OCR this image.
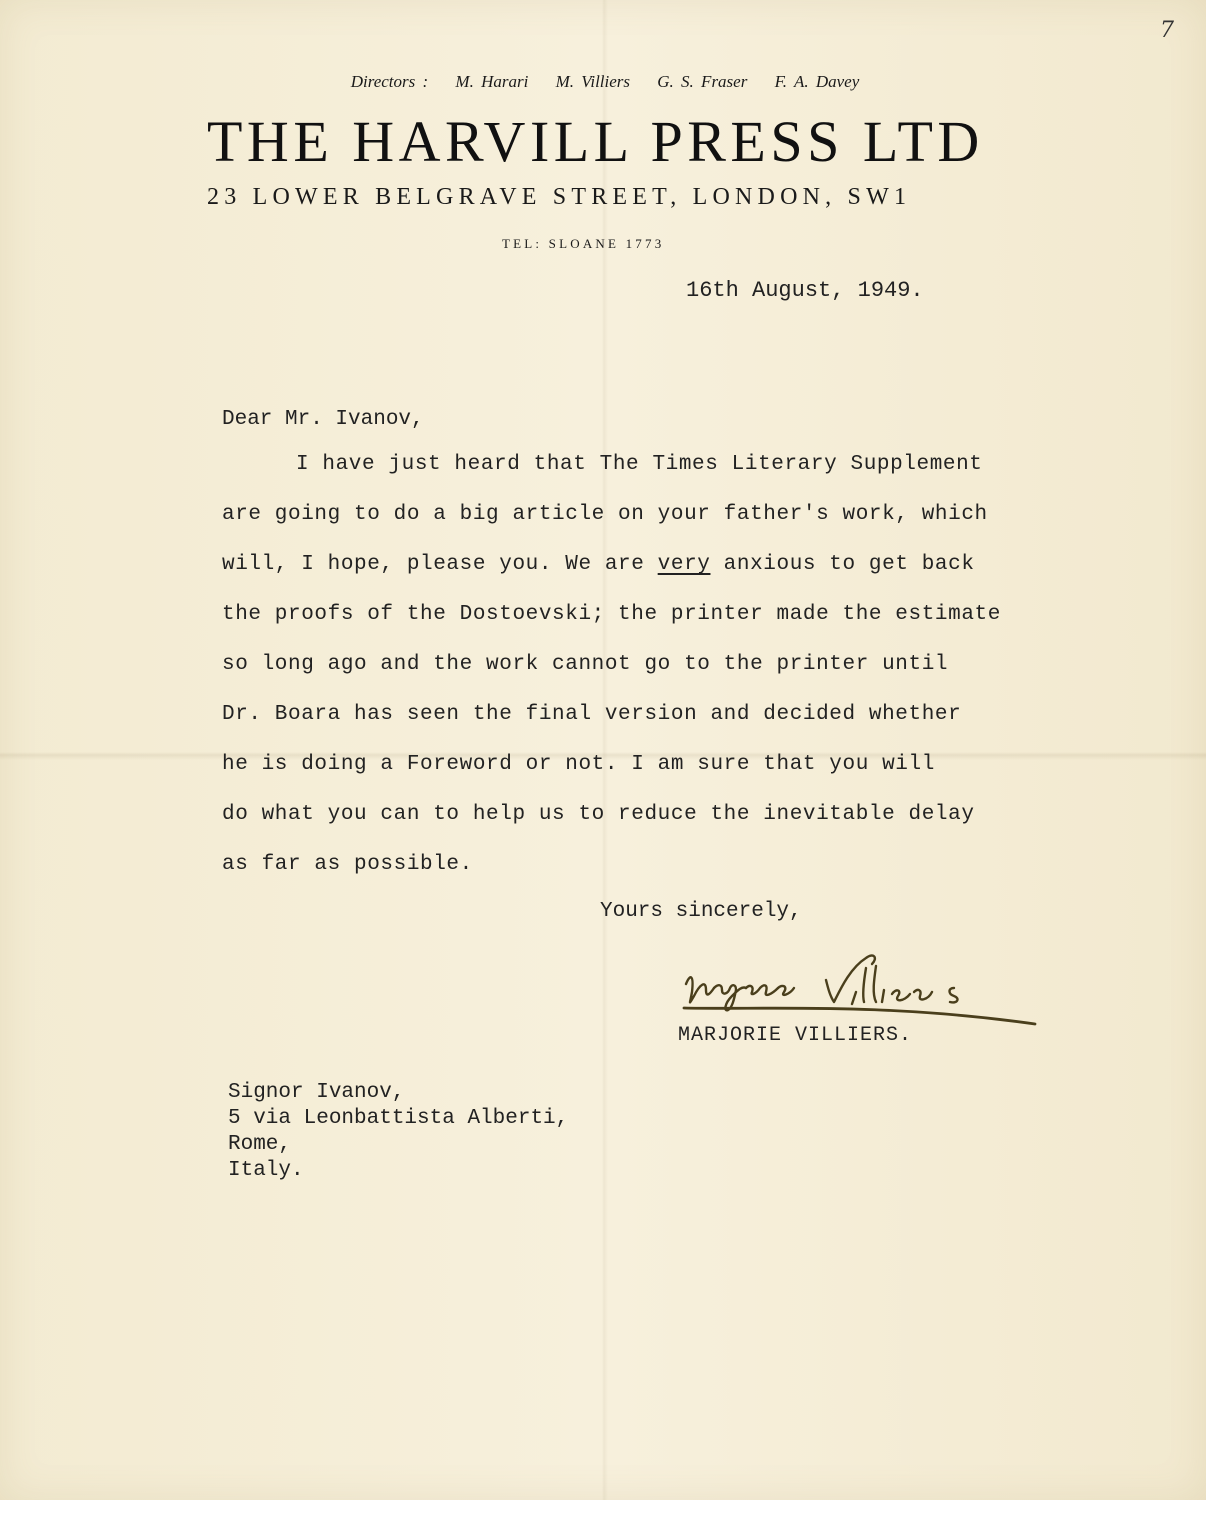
7
Directors : M. Harari M. Villiers G. S. Fraser F. A. Davey
THE HARVILL PRESS LTD
23 LOWER BELGRAVE STREET, LONDON, SW1
TEL: SLOANE 1773
16th August, 1949.
Dear Mr. Ivanov,
I have just heard that The Times Literary Supplement
are going to do a big article on your father's work, which
will, I hope, please you. We are very anxious to get back
the proofs of the Dostoevski; the printer made the estimate
so long ago and the work cannot go to the printer until
Dr. Boara has seen the final version and decided whether
he is doing a Foreword or not. I am sure that you will
do what you can to help us to reduce the inevitable delay
as far as possible.
Yours sincerely,
MARJORIE VILLIERS.
Signor Ivanov,
5 via Leonbattista Alberti,
Rome,
Italy.
